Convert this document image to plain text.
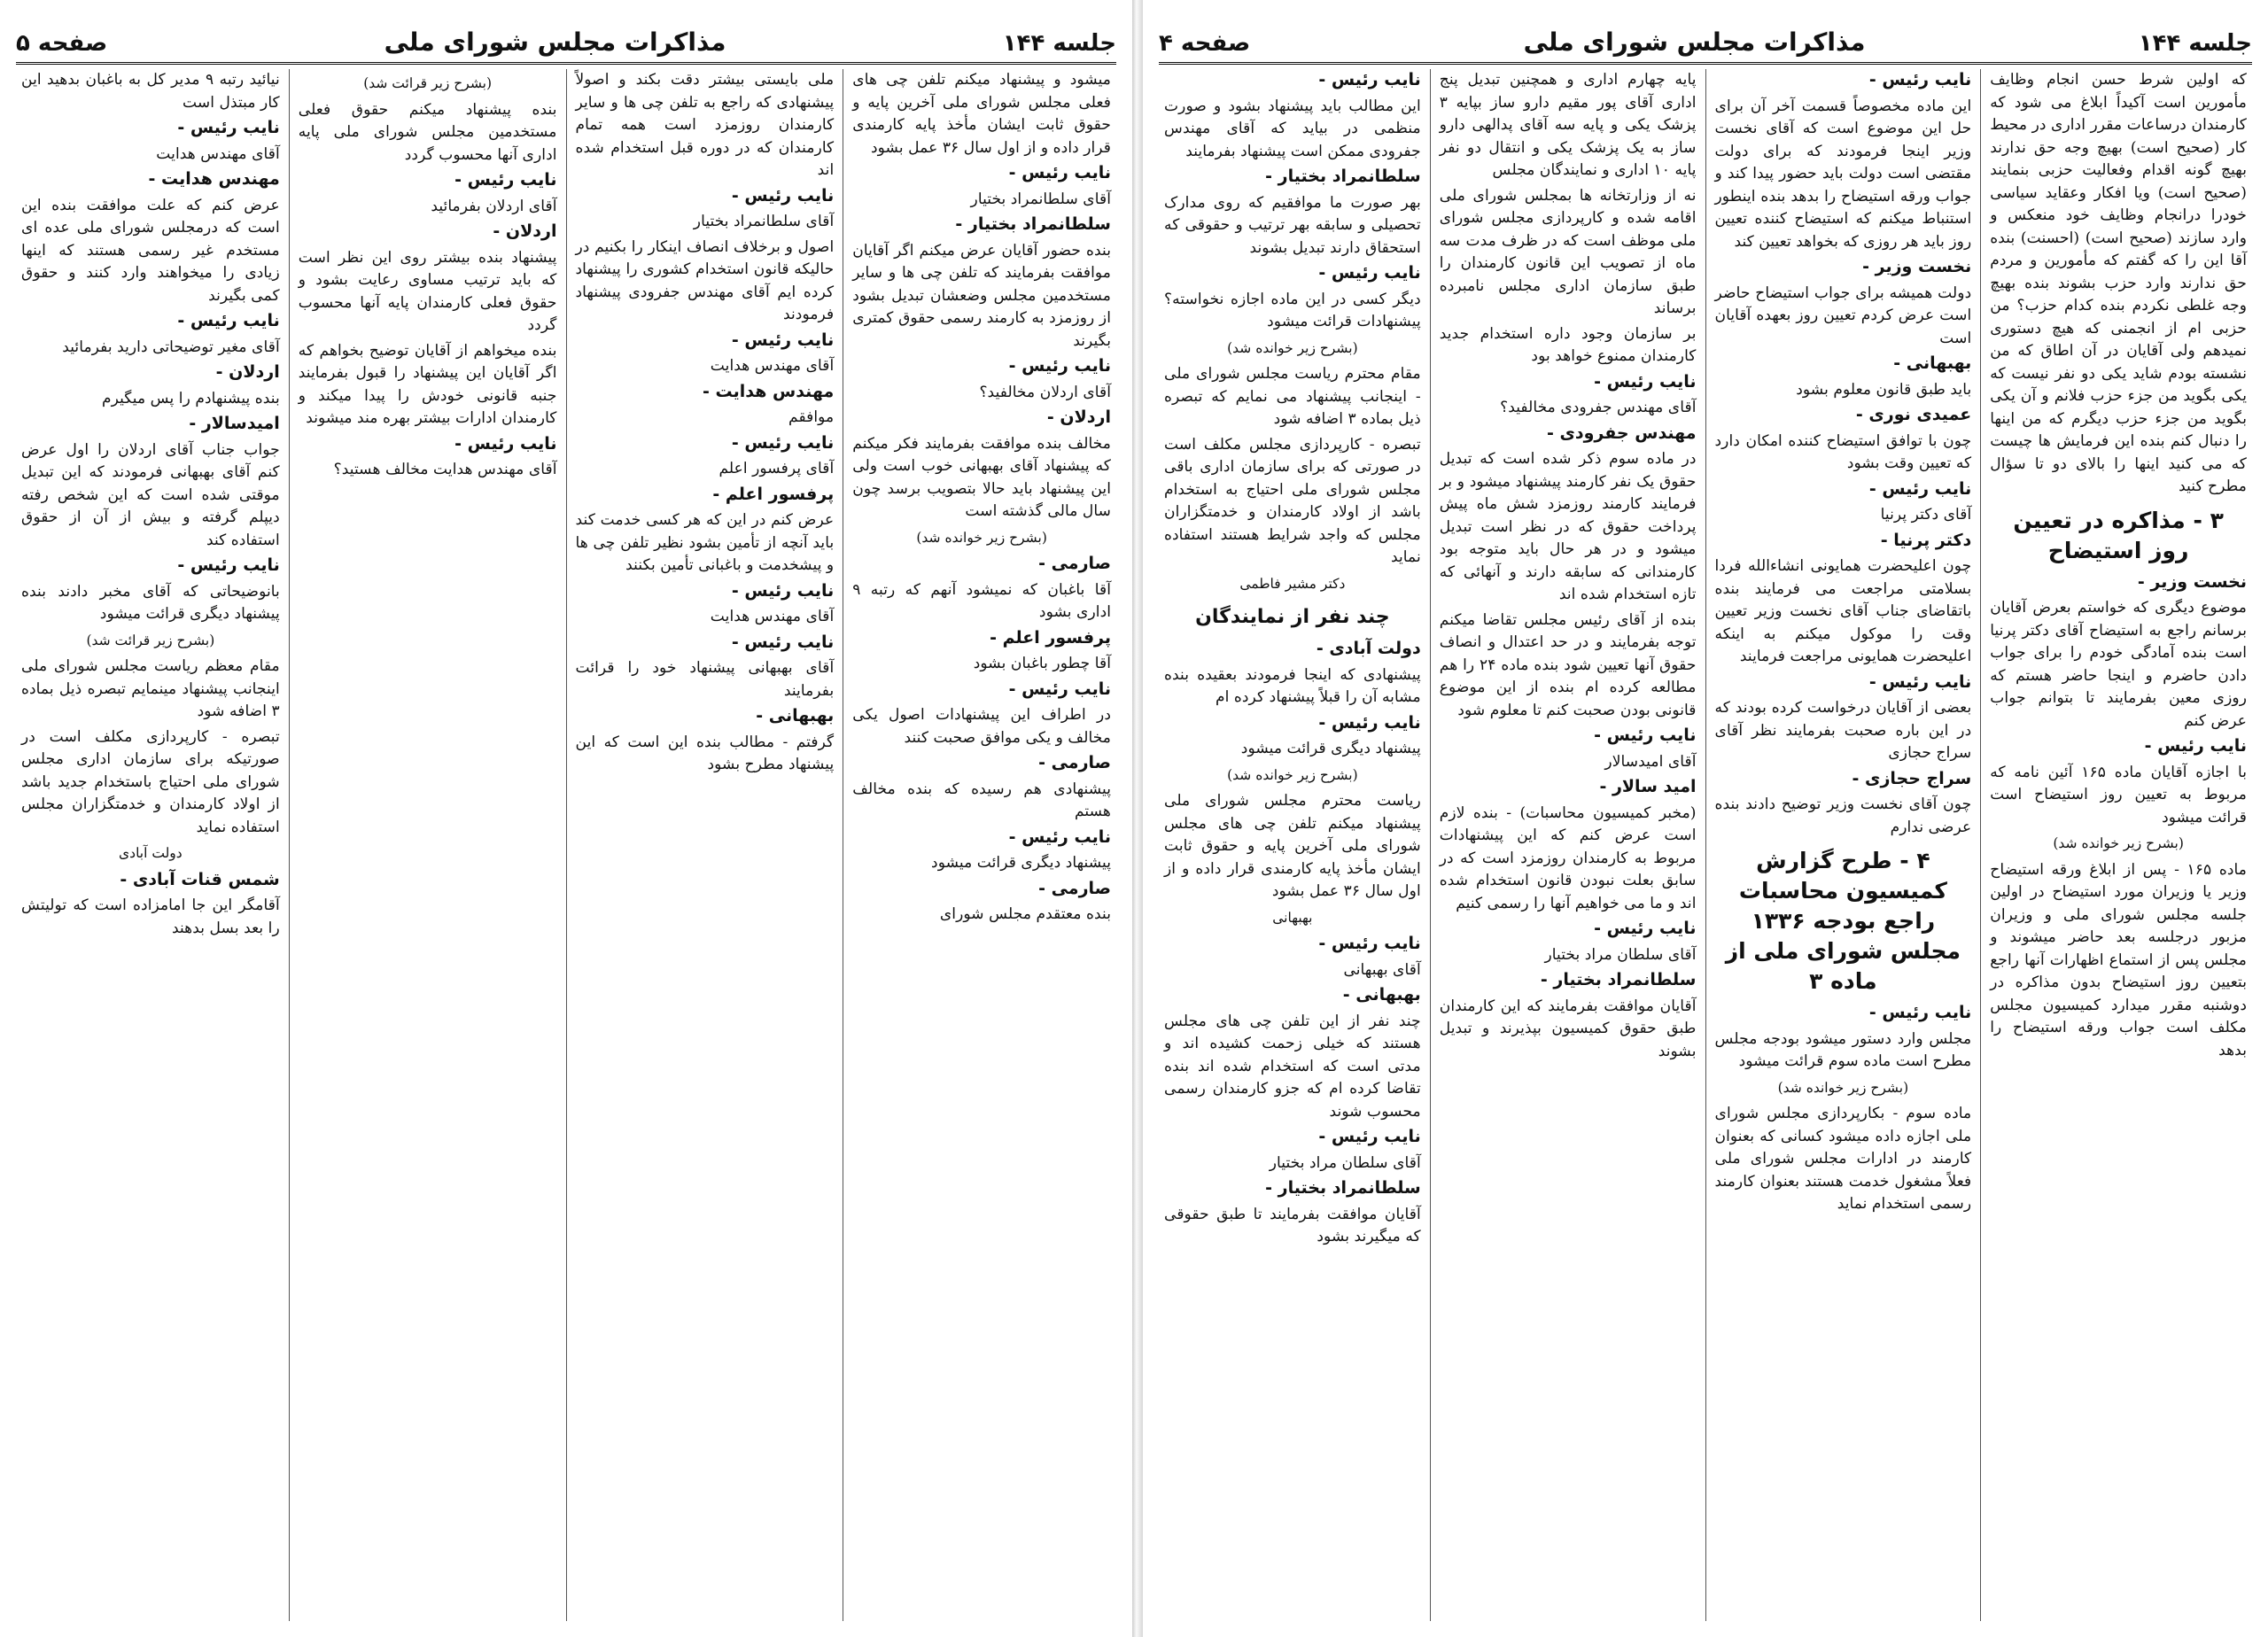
جلسه ۱۴۴
مذاکرات مجلس شورای ملی
صفحه ۵

میشود و پیشنهاد میکنم تلفن چی های فعلی مجلس شورای ملی آخرین پایه و حقوق ثابت ایشان مأخذ پایه کارمندی قرار داده و از اول سال ۳۶ عمل بشود

نایب رئیس -

آقای سلطانمراد بختیار

سلطانمراد بختیار -

بنده حضور آقایان عرض میکنم اگر آقایان موافقت بفرمایند که تلفن چی ها و سایر مستخدمین مجلس وضعشان تبدیل بشود از روزمزد به کارمند رسمی حقوق کمتری بگیرند

نایب رئیس -

آقای اردلان مخالفید؟

اردلان -

مخالف بنده موافقت بفرمایند فکر میکنم که پیشنهاد آقای بهبهانی خوب است ولی این پیشنهاد باید حالا بتصویب برسد چون سال مالی گذشته است

(بشرح زیر خوانده شد)

صارمی -

آقا باغبان که نمیشود آنهم که رتبه ۹ اداری بشود

پرفسور اعلم -

آقا چطور باغبان بشود

نایب رئیس -

در اطراف این پیشنهادات اصول یکی مخالف و یکی موافق صحبت کنند

صارمی -

پیشنهادی هم رسیده که بنده مخالف هستم

نایب رئیس -

پیشنهاد دیگری قرائت میشود

صارمی -

بنده معتقدم مجلس شورای

ملی بایستی بیشتر دقت بکند و اصولاً پیشنهادی که راجع به تلفن چی ها و سایر کارمندان روزمزد است همه تمام کارمندان که در دوره قبل استخدام شده اند

نایب رئیس -

آقای سلطانمراد بختیار

اصول و برخلاف انصاف اینکار را بکنیم در حالیکه قانون استخدام کشوری را پیشنهاد کرده ایم آقای مهندس جفرودی پیشنهاد فرمودند

نایب رئیس -

آقای مهندس هدایت

مهندس هدایت -

موافقم

نایب رئیس -

آقای پرفسور اعلم

پرفسور اعلم -

عرض کنم در این که هر کسی خدمت کند باید آنچه از تأمین بشود نظیر تلفن چی ها و پیشخدمت و باغبانی تأمین بکنند

نایب رئیس -

آقای مهندس هدایت

نایب رئیس -

آقای بهبهانی پیشنهاد خود را قرائت بفرمایند

بهبهانی -

گرفتم - مطالب بنده این است که این پیشنهاد مطرح بشود

(بشرح زیر قرائت شد)

بنده پیشنهاد میکنم حقوق فعلی مستخدمین مجلس شورای ملی پایه اداری آنها محسوب گردد

نایب رئیس -

آقای اردلان بفرمائید

اردلان -

پیشنهاد بنده بیشتر روی این نظر است که باید ترتیب مساوی رعایت بشود و حقوق فعلی کارمندان پایه آنها محسوب گردد

بنده میخواهم از آقایان توضیح بخواهم که اگر آقایان این پیشنهاد را قبول بفرمایند جنبه قانونی خودش را پیدا میکند و کارمندان ادارات بیشتر بهره مند میشوند

نایب رئیس -

آقای مهندس هدایت مخالف هستید؟

نیائید رتبه ۹ مدیر کل به باغبان بدهید این کار مبتذل است

نایب رئیس -

آقای مهندس هدایت

مهندس هدایت -

عرض کنم که علت موافقت بنده این است که درمجلس شورای ملی عده ای مستخدم غیر رسمی هستند که اینها زیادی را میخواهند وارد کنند و حقوق کمی بگیرند

نایب رئیس -

آقای مغیر توضیحاتی دارید بفرمائید

اردلان -

بنده پیشنهادم را پس میگیرم

امیدسالار -

جواب جناب آقای اردلان را اول عرض کنم آقای بهبهانی فرمودند که این تبدیل موقتی شده است که این شخص رفته دیپلم گرفته و بیش از آن از حقوق استفاده کند

نایب رئیس -

بانوضیحاتی که آقای مخبر دادند بنده پیشنهاد دیگری قرائت میشود

(بشرح زیر قرائت شد)

مقام معظم ریاست مجلس شورای ملی اینجانب پیشنهاد مینمایم تبصره ذیل بماده ۳ اضافه شود

تبصره - کارپردازی مکلف است در صورتیکه برای سازمان اداری مجلس شورای ملی احتیاج باستخدام جدید باشد از اولاد کارمندان و خدمتگزاران مجلس استفاده نماید

دولت آبادی

شمس قنات آبادی -

آقامگر این جا امامزاده است که تولیتش را بعد بسل بدهند

جلسه ۱۴۴
مذاکرات مجلس شورای ملی
صفحه ۴

که اولین شرط حسن انجام وظایف مأمورین است آکیداً ابلاغ می شود که کارمندان درساعات مقرر اداری در محیط کار (صحیح است) بهیچ وجه حق ندارند بهیچ گونه اقدام وفعالیت حزبی بنمایند (صحیح است) ویا افکار وعقاید سیاسی خودرا درانجام وظایف خود منعکس و وارد سازند (صحیح است) (احسنت) بنده آقا این را که گفتم که مأمورین و مردم حق ندارند وارد حزب بشوند بنده بهیچ وجه غلطی نکردم بنده کدام حزب؟ من حزبی ام از انجمنی که هیچ دستوری نمیدهم ولی آقایان در آن اطاق که من نشسته بودم شاید یکی دو نفر نیست که یکی بگوید من جزء حزب فلانم و آن یکی بگوید من جزء حزب دیگرم که من اینها را دنبال کنم بنده این فرمایش ها چیست که می کنید اینها را بالای دو تا سؤال مطرح کنید

۳ - مذاکره در تعیین روز استیضاح

نخست وزیر -

موضوع دیگری که خواستم بعرض آقایان برسانم راجع به استیضاح آقای دکتر پرنیا است بنده آمادگی خودم را برای جواب دادن حاضرم و اینجا حاضر هستم که روزی معین بفرمایند تا بتوانم جواب عرض کنم

نایب رئیس -

با اجازه آقایان ماده ۱۶۵ آئین نامه که مربوط به تعیین روز استیضاح است قرائت میشود

(بشرح زیر خوانده شد)

ماده ۱۶۵ - پس از ابلاغ ورقه استیضاح وزیر یا وزیران مورد استیضاح در اولین جلسه مجلس شورای ملی و وزیران مزبور درجلسه بعد حاضر میشوند و مجلس پس از استماع اظهارات آنها راجع بتعیین روز استیضاح بدون مذاکره در دوشنبه مقرر میدارد کمیسیون مجلس مکلف است جواب ورقه استیضاح را بدهد

نایب رئیس -

این ماده مخصوصاً قسمت آخر آن برای حل این موضوع است که آقای نخست وزیر اینجا فرمودند که برای دولت مقتضی است دولت باید حضور پیدا کند و جواب ورقه استیضاح را بدهد بنده اینطور استنباط میکنم که استیضاح کننده تعیین روز باید هر روزی که بخواهد تعیین کند

نخست وزیر -

دولت همیشه برای جواب استیضاح حاضر است عرض کردم تعیین روز بعهده آقایان است

بهبهانی -

باید طبق قانون معلوم بشود

عمیدی نوری -

چون با توافق استیضاح کننده امکان دارد که تعیین وقت بشود

نایب رئیس -

آقای دکتر پرنیا

دکتر پرنیا -

چون اعلیحضرت همایونی انشاءالله فردا بسلامتی مراجعت می فرمایند بنده باتقاضای جناب آقای نخست وزیر تعیین وقت را موکول میکنم به اینکه اعلیحضرت همایونی مراجعت فرمایند

نایب رئیس -

بعضی از آقایان درخواست کرده بودند که در این باره صحبت بفرمایند نظر آقای سراج حجازی

سراج حجازی -

چون آقای نخست وزیر توضیح دادند بنده عرضی ندارم

۴ - طرح گزارش کمیسیون محاسبات راجع بودجه ۱۳۳۶ مجلس شورای ملی از ماده ۳

نایب رئیس -

مجلس وارد دستور میشود بودجه مجلس مطرح است ماده سوم قرائت میشود

(بشرح زیر خوانده شد)

ماده سوم - بکارپردازی مجلس شورای ملی اجازه داده میشود کسانی که بعنوان کارمند در ادارات مجلس شورای ملی فعلاً مشغول خدمت هستند بعنوان کارمند رسمی استخدام نماید

پایه چهارم اداری و همچنین تبدیل پنج اداری آقای پور مقیم دارو ساز بپایه ۳ پزشک یکی و پایه سه آقای پدالهی دارو ساز به یک پزشک یکی و انتقال دو نفر پایه ۱۰ اداری و نمایندگان مجلس

نه از وزارتخانه ها بمجلس شورای ملی اقامه شده و کارپردازی مجلس شورای ملی موظف است که در ظرف مدت سه ماه از تصویب این قانون کارمندان را طبق سازمان اداری مجلس نامبرده برساند

بر سازمان وجود داره استخدام جدید کارمندان ممنوع خواهد بود

نایب رئیس -

آقای مهندس جفرودی مخالفید؟

مهندس جفرودی -

در ماده سوم ذکر شده است که تبدیل حقوق یک نفر کارمند پیشنهاد میشود و بر فرمایند کارمند روزمزد شش ماه پیش پرداخت حقوق که در نظر است تبدیل میشود و در هر حال باید متوجه بود کارمندانی که سابقه دارند و آنهائی که تازه استخدام شده اند

بنده از آقای رئیس مجلس تقاضا میکنم توجه بفرمایند و در حد اعتدال و انصاف حقوق آنها تعیین شود بنده ماده ۲۴ را هم مطالعه کرده ام بنده از این موضوع قانونی بودن صحبت کنم تا معلوم شود

نایب رئیس -

آقای امیدسالار

امید سالار -

(مخبر کمیسیون محاسبات) - بنده لازم است عرض کنم که این پیشنهادات مربوط به کارمندان روزمزد است که در سابق بعلت نبودن قانون استخدام شده اند و ما می خواهیم آنها را رسمی کنیم

نایب رئیس -

آقای سلطان مراد بختیار

سلطانمراد بختیار -

آقایان موافقت بفرمایند که این کارمندان طبق حقوق کمیسیون بپذیرند و تبدیل بشوند

نایب رئیس -

این مطالب باید پیشنهاد بشود و صورت منظمی در بیاید که آقای مهندس جفرودی ممکن است پیشنهاد بفرمایند

سلطانمراد بختیار -

بهر صورت ما موافقیم که روی مدارک تحصیلی و سابقه بهر ترتیب و حقوقی که استحقاق دارند تبدیل بشوند

نایب رئیس -

دیگر کسی در این ماده اجازه نخواسته؟ پیشنهادات قرائت میشود

(بشرح زیر خوانده شد)

مقام محترم ریاست مجلس شورای ملی - اینجانب پیشنهاد می نمایم که تبصره ذیل بماده ۳ اضافه شود

تبصره - کارپردازی مجلس مکلف است در صورتی که برای سازمان اداری باقی مجلس شورای ملی احتیاج به استخدام باشد از اولاد کارمندان و خدمتگزاران مجلس که واجد شرایط هستند استفاده نماید

دکتر مشیر فاطمی
چند نفر از نمایندگان

دولت آبادی -

پیشنهادی که اینجا فرمودند بعقیده بنده مشابه آن را قبلاً پیشنهاد کرده ام

نایب رئیس -

پیشنهاد دیگری قرائت میشود

(بشرح زیر خوانده شد)

ریاست محترم مجلس شورای ملی پیشنهاد میکنم تلفن چی های مجلس شورای ملی آخرین پایه و حقوق ثابت ایشان مأخذ پایه کارمندی قرار داده و از اول سال ۳۶ عمل بشود

بهبهانی

نایب رئیس -

آقای بهبهانی

بهبهانی -

چند نفر از این تلفن چی های مجلس هستند که خیلی زحمت کشیده اند و مدتی است که استخدام شده اند بنده تقاضا کرده ام که جزو کارمندان رسمی محسوب شوند

نایب رئیس -

آقای سلطان مراد بختیار

سلطانمراد بختیار -

آقایان موافقت بفرمایند تا طبق حقوقی که میگیرند بشود
